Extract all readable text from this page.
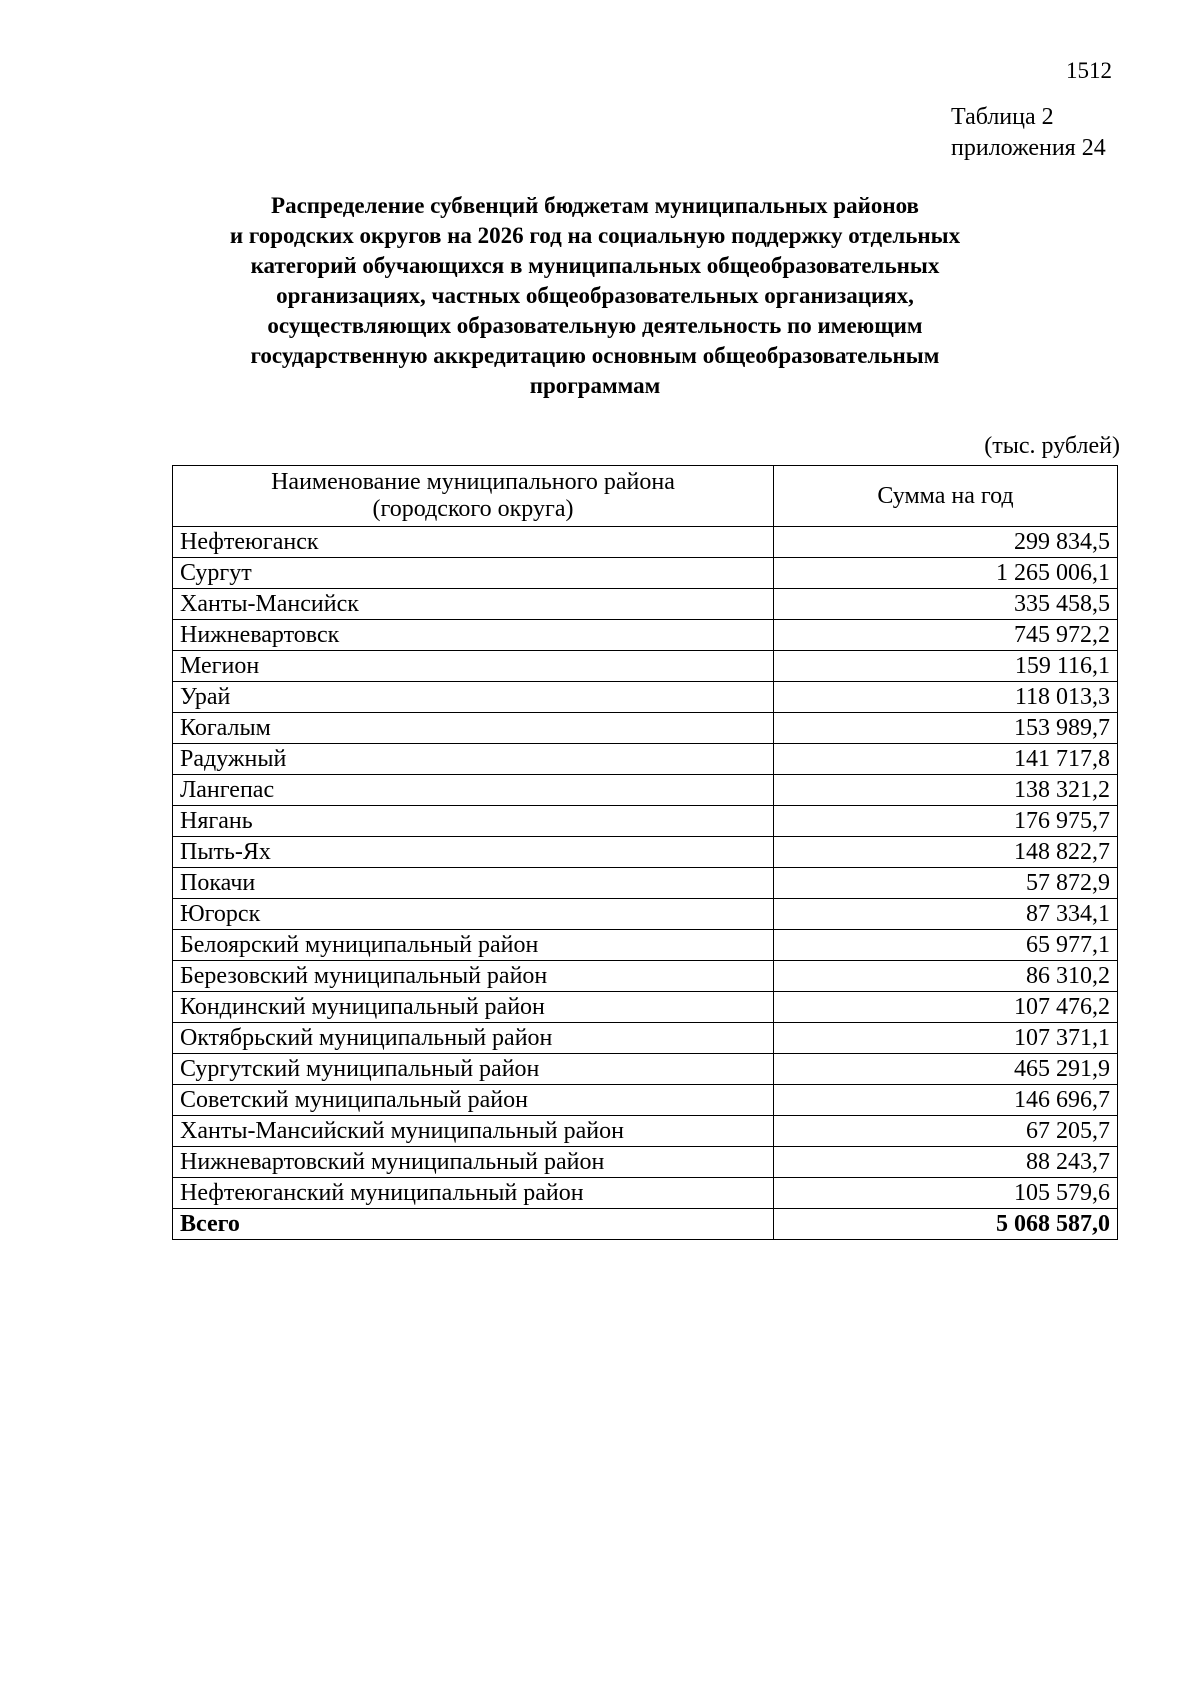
1512
Таблица 2
приложения 24
Распределение субвенций бюджетам муниципальных районов
и городских округов на 2026 год на социальную поддержку отдельных
категорий обучающихся в муниципальных общеобразовательных
организациях, частных общеобразовательных организациях,
осуществляющих образовательную деятельность по имеющим
государственную аккредитацию основным общеобразовательным
программам
(тыс. рублей)
Наименование муниципального района
(городского округа)	Сумма на год
Нефтеюганск	299 834,5
Сургут	1 265 006,1
Ханты-Мансийск	335 458,5
Нижневартовск	745 972,2
Мегион	159 116,1
Урай	118 013,3
Когалым	153 989,7
Радужный	141 717,8
Лангепас	138 321,2
Нягань	176 975,7
Пыть-Ях	148 822,7
Покачи	57 872,9
Югорск	87 334,1
Белоярский муниципальный район	65 977,1
Березовский муниципальный район	86 310,2
Кондинский муниципальный район	107 476,2
Октябрьский муниципальный район	107 371,1
Сургутский муниципальный район	465 291,9
Советский муниципальный район	146 696,7
Ханты-Мансийский муниципальный район	67 205,7
Нижневартовский муниципальный район	88 243,7
Нефтеюганский муниципальный район	105 579,6
Всего	5 068 587,0
